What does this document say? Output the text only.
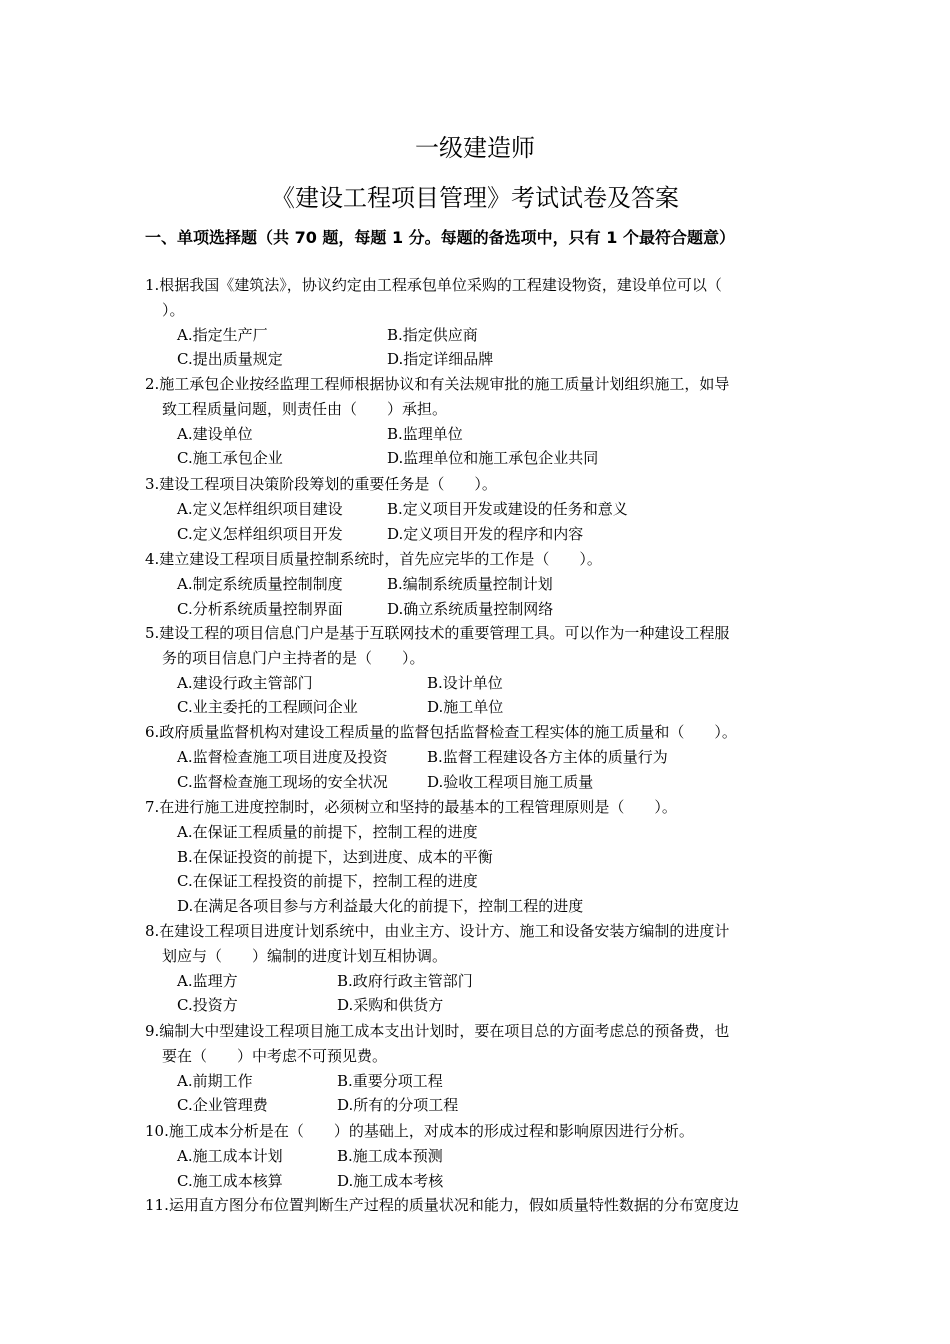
一级建造师
《建设工程项目管理》考试试卷及答案
一、单项选择题（共 70 题，每题 1 分。每题的备选项中，只有 1 个最符合题意）
1.根据我国《建筑法》，协议约定由工程承包单位采购的工程建设物资，建设单位可以（
）。
A.指定生产厂	B.指定供应商
C.提出质量规定	D.指定详细品牌
2.施工承包企业按经监理工程师根据协议和有关法规审批的施工质量计划组织施工，如导
致工程质量问题，则责任由（　　）承担。
A.建设单位	B.监理单位
C.施工承包企业	D.监理单位和施工承包企业共同
3.建设工程项目决策阶段筹划的重要任务是（　　）。
A.定义怎样组织项目建设	B.定义项目开发或建设的任务和意义
C.定义怎样组织项目开发	D.定义项目开发的程序和内容
4.建立建设工程项目质量控制系统时，首先应完毕的工作是（　　）。
A.制定系统质量控制制度	B.编制系统质量控制计划
C.分析系统质量控制界面	D.确立系统质量控制网络
5.建设工程的项目信息门户是基于互联网技术的重要管理工具。可以作为一种建设工程服
务的项目信息门户主持者的是（　　）。
A.建设行政主管部门	B.设计单位
C.业主委托的工程顾问企业	D.施工单位
6.政府质量监督机构对建设工程质量的监督包括监督检查工程实体的施工质量和（　　）。
A.监督检查施工项目进度及投资	B.监督工程建设各方主体的质量行为
C.监督检查施工现场的安全状况	D.验收工程项目施工质量
7.在进行施工进度控制时，必须树立和坚持的最基本的工程管理原则是（　　）。
A.在保证工程质量的前提下，控制工程的进度
B.在保证投资的前提下，达到进度、成本的平衡
C.在保证工程投资的前提下，控制工程的进度
D.在满足各项目参与方利益最大化的前提下，控制工程的进度
8.在建设工程项目进度计划系统中，由业主方、设计方、施工和设备安装方编制的进度计
划应与（　　）编制的进度计划互相协调。
A.监理方	B.政府行政主管部门
C.投资方	D.采购和供货方
9.编制大中型建设工程项目施工成本支出计划时，要在项目总的方面考虑总的预备费，也
要在（　　）中考虑不可预见费。
A.前期工作	B.重要分项工程
C.企业管理费	D.所有的分项工程
10.施工成本分析是在（　　）的基础上，对成本的形成过程和影响原因进行分析。
A.施工成本计划	B.施工成本预测
C.施工成本核算	D.施工成本考核
11.运用直方图分布位置判断生产过程的质量状况和能力，假如质量特性数据的分布宽度边
